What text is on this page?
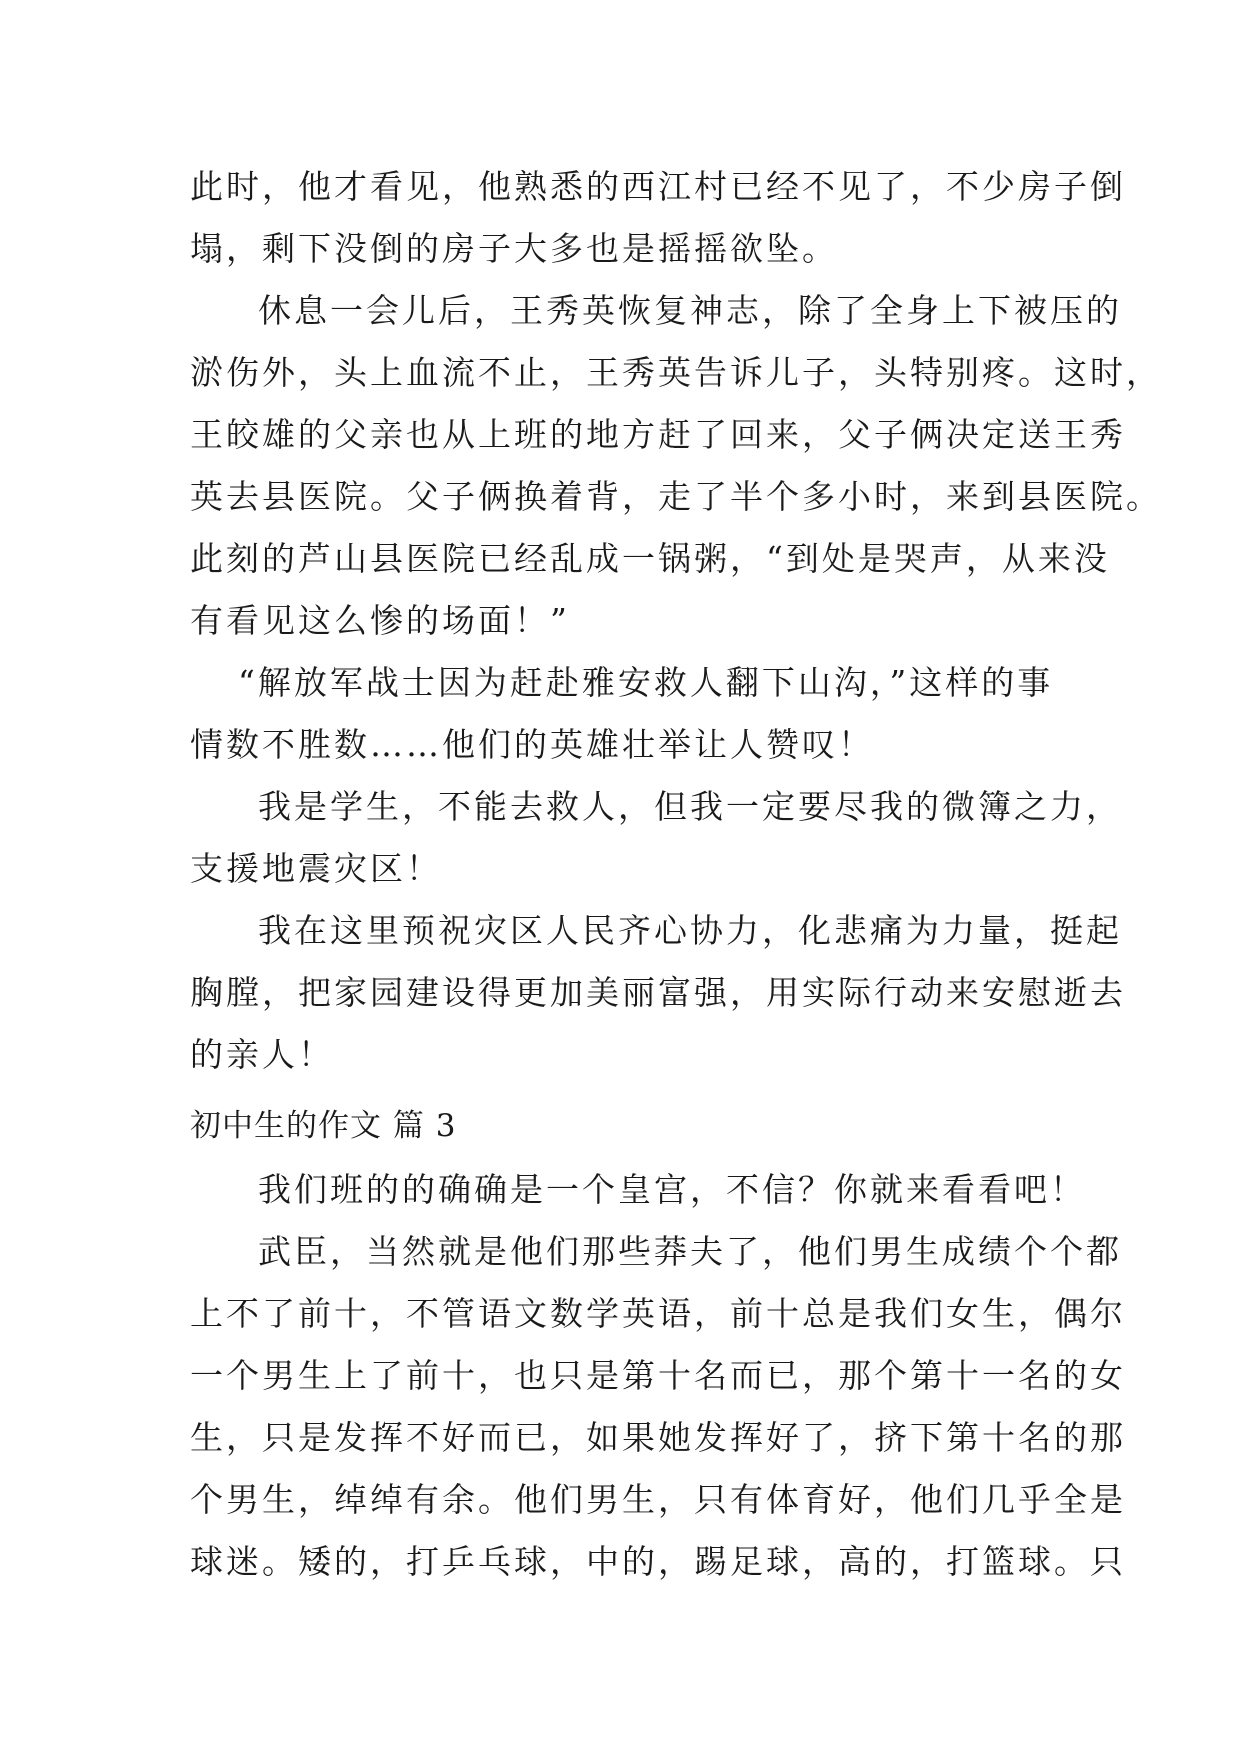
此时，他才看见，他熟悉的西江村已经不见了，不少房子倒
塌，剩下没倒的房子大多也是摇摇欲坠。
休息一会儿后，王秀英恢复神志，除了全身上下被压的
淤伤外，头上血流不止，王秀英告诉儿子，头特别疼。这时，
王皎雄的父亲也从上班的地方赶了回来，父子俩决定送王秀
英去县医院。父子俩换着背，走了半个多小时，来到县医院。
此刻的芦山县医院已经乱成一锅粥，“到处是哭声，从来没
有看见这么惨的场面！”
“解放军战士因为赶赴雅安救人翻下山沟，”这样的事
情数不胜数……他们的英雄壮举让人赞叹！
我是学生，不能去救人，但我一定要尽我的微簿之力，
支援地震灾区！
我在这里预祝灾区人民齐心协力，化悲痛为力量，挺起
胸膛，把家园建设得更加美丽富强，用实际行动来安慰逝去
的亲人！
初中生的作文 篇 3
我们班的的确确是一个皇宫，不信？你就来看看吧！
武臣，当然就是他们那些莽夫了，他们男生成绩个个都
上不了前十，不管语文数学英语，前十总是我们女生，偶尔
一个男生上了前十，也只是第十名而已，那个第十一名的女
生，只是发挥不好而已，如果她发挥好了，挤下第十名的那
个男生，绰绰有余。他们男生，只有体育好，他们几乎全是
球迷。矮的，打乒乓球，中的，踢足球，高的，打篮球。只
